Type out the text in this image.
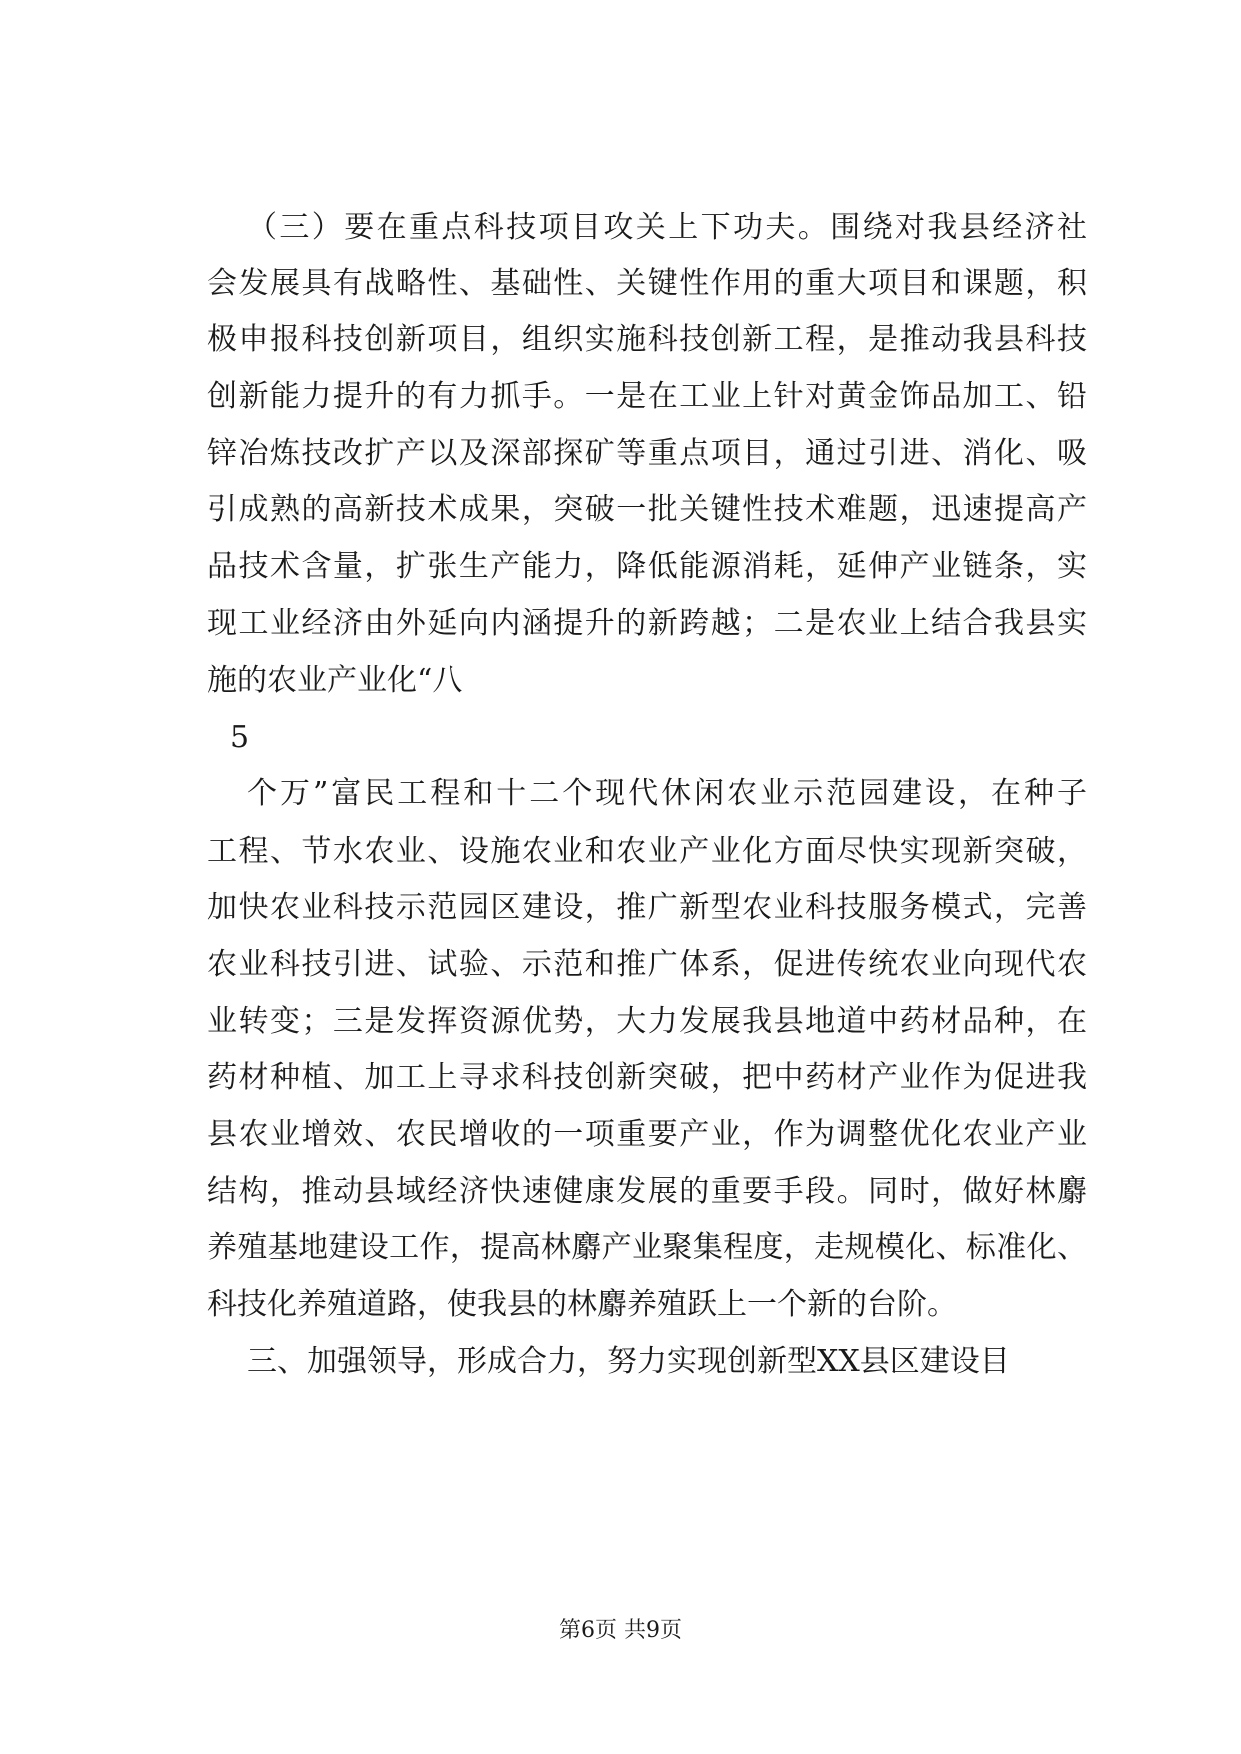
（三）要在重点科技项目攻关上下功夫。围绕对我县经济社
会发展具有战略性、基础性、关键性作用的重大项目和课题，积
极申报科技创新项目，组织实施科技创新工程，是推动我县科技
创新能力提升的有力抓手。一是在工业上针对黄金饰品加工、铅
锌冶炼技改扩产以及深部探矿等重点项目，通过引进、消化、吸
引成熟的高新技术成果，突破一批关键性技术难题，迅速提高产
品技术含量，扩张生产能力，降低能源消耗，延伸产业链条，实
现工业经济由外延向内涵提升的新跨越；二是农业上结合我县实
施的农业产业化“八
5
个万”富民工程和十二个现代休闲农业示范园建设，在种子
工程、节水农业、设施农业和农业产业化方面尽快实现新突破，
加快农业科技示范园区建设，推广新型农业科技服务模式，完善
农业科技引进、试验、示范和推广体系，促进传统农业向现代农
业转变；三是发挥资源优势，大力发展我县地道中药材品种，在
药材种植、加工上寻求科技创新突破，把中药材产业作为促进我
县农业增效、农民增收的一项重要产业，作为调整优化农业产业
结构，推动县域经济快速健康发展的重要手段。同时，做好林麝
养殖基地建设工作，提高林麝产业聚集程度，走规模化、标准化、
科技化养殖道路，使我县的林麝养殖跃上一个新的台阶。
三、加强领导，形成合力，努力实现创新型XX县区建设目
第6页 共9页
